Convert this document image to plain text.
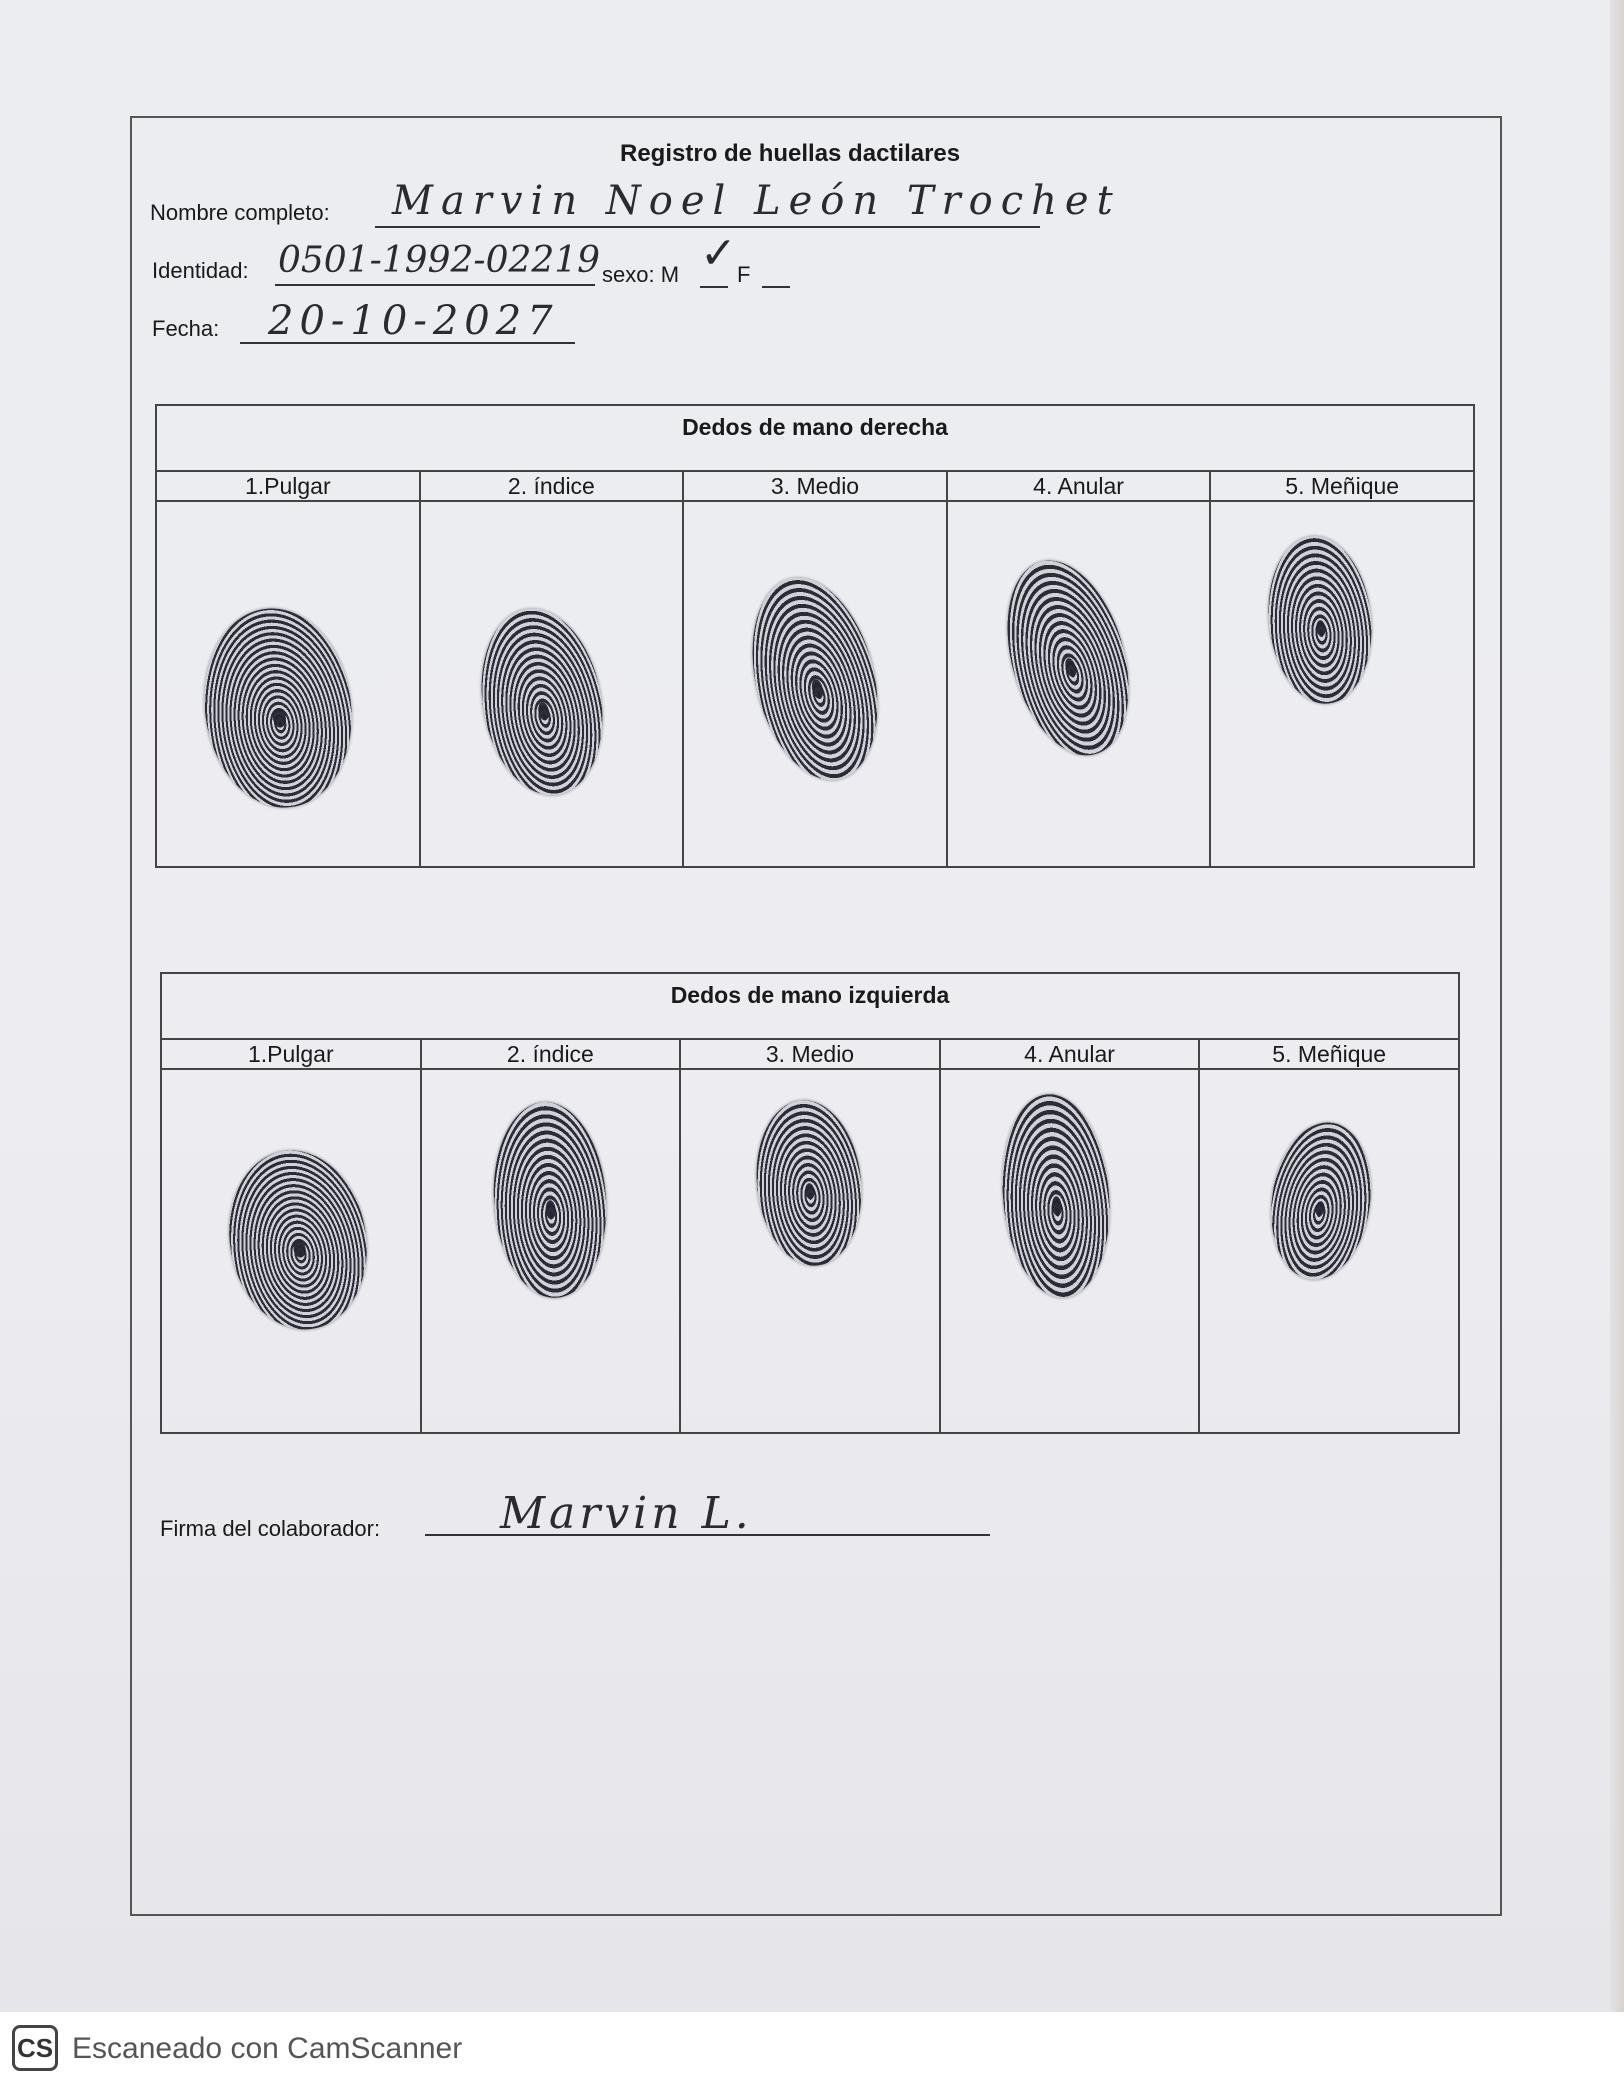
Registro de huellas dactilares
Nombre completo: Marvin Noel León Trochet
Identidad: 0501-1992-02219 sexo: M ✓ F
Fecha: 20-10-2027
Dedos de mano derecha				
1.Pulgar	2. índice	3. Medio	4. Anular	5. Meñique

Dedos de mano izquierda				
1.Pulgar	2. índice	3. Medio	4. Anular	5. Meñique

Firma del colaborador:	Marvin L.
CS Escaneado con CamScanner
